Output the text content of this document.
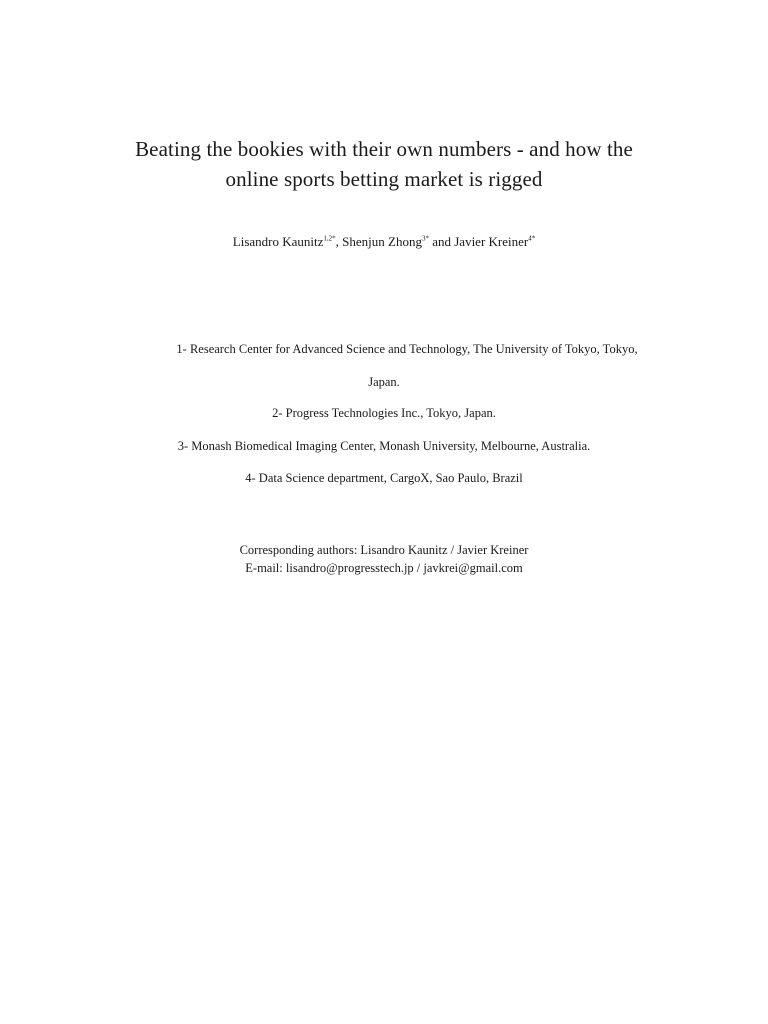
Beating the bookies with their own numbers - and how the
online sports betting market is rigged
Lisandro Kaunitz$^{1,2*}$, Shenjun Zhong$^{3*}$ and Javier Kreiner$^{4*}$
1- Research Center for Advanced Science and Technology, The University of Tokyo, Tokyo,
Japan.
2- Progress Technologies Inc., Tokyo, Japan.
3- Monash Biomedical Imaging Center, Monash University, Melbourne, Australia.
4- Data Science department, CargoX, Sao Paulo, Brazil
Corresponding authors: Lisandro Kaunitz / Javier Kreiner
E-mail: lisandro@progresstech.jp / javkrei@gmail.com
